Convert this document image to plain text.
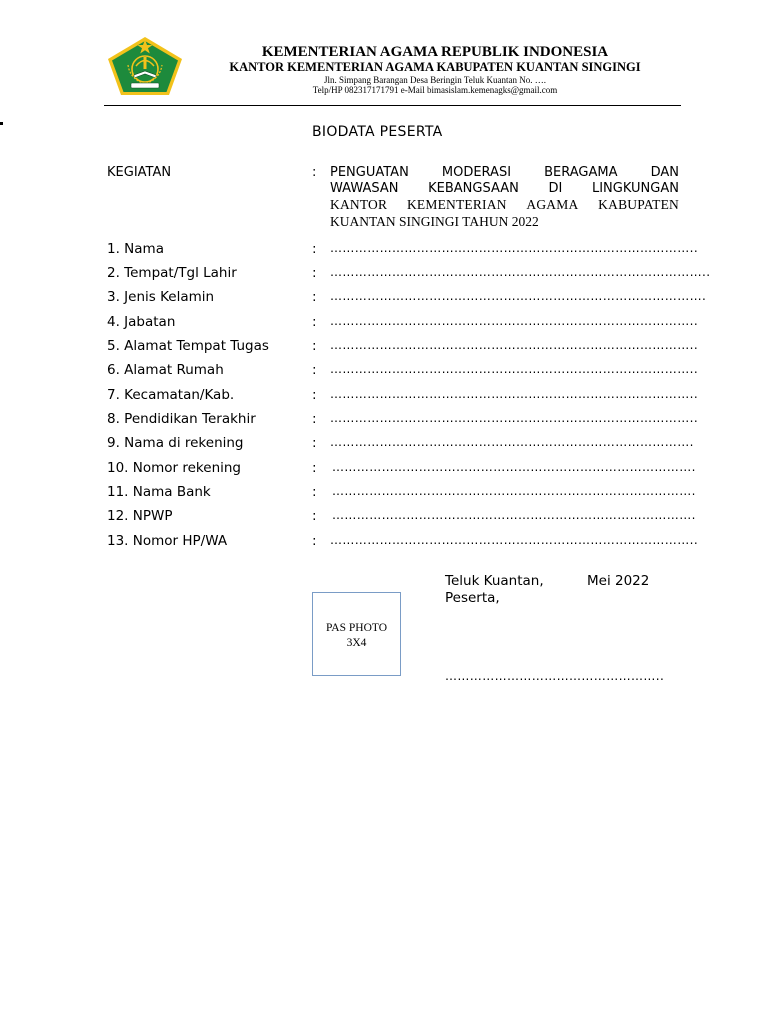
KEMENTERIAN AGAMA REPUBLIK INDONESIA
KANTOR KEMENTERIAN AGAMA KABUPATEN KUANTAN SINGINGI
Jln. Simpang Barangan Desa Beringin Teluk Kuantan No. ….
Telp/HP 082317171791 e-Mail bimasislam.kemenagks@gmail.com
BIODATA PESERTA
KEGIATAN	: PENGUATAN	MODERASI	BERAGAMA	DAN
WAWASAN KEBANGSAAN DI LINGKUNGAN
KANTOR KEMENTERIAN AGAMA KABUPATEN
KUANTAN SINGINGI TAHUN 2022
1. Nama	: ……………………………………………………………………………..
2. Tempat/Tgl Lahir	: ………………………………………………………………………………..
3. Jenis Kelamin	: ……………………………………………………………………………….
4. Jabatan	: ……………………………………………………………………………..
5. Alamat Tempat Tugas	: ……………………………………………………………………………..
6. Alamat Rumah	: ……………………………………………………………………………..
7. Kecamatan/Kab.	: ……………………………………………………………………………..
8. Pendidikan Terakhir	: ……………………………………………………………………………..
9. Nama di rekening	: …………………………………………………………………………….
10. Nomor rekening	: …………………………………………………………………………….
11. Nama Bank	: …………………………………………………………………………….
12. NPWP	: …………………………………………………………………………….
13. Nomor HP/WA	: ……………………………………………………………………………..
Teluk Kuantan,	Mei 2022
Peserta,
……………………………………………..
PAS PHOTO
3X4
